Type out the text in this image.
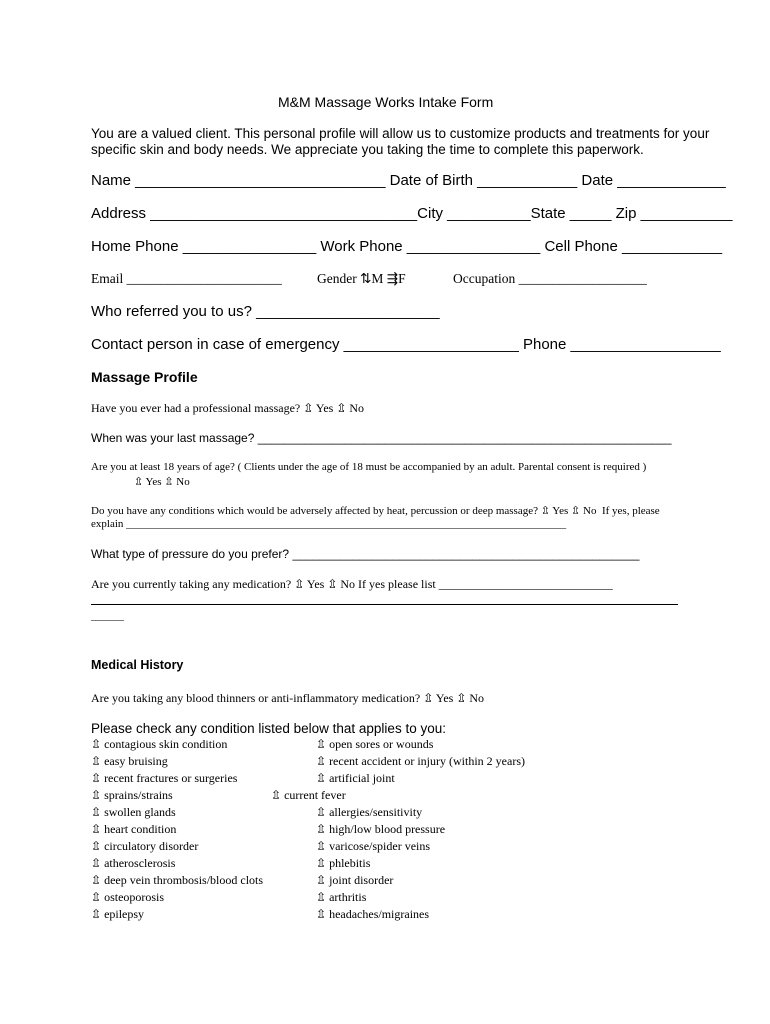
M&M Massage Works Intake Form
You are a valued client. This personal profile will allow us to customize products and treatments for your
specific skin and body needs. We appreciate you taking the time to complete this paperwork.
Name ______________________________ Date of Birth ____________ Date _____________
Address ________________________________City __________State _____ Zip ___________
Home Phone ________________ Work Phone ________________ Cell Phone ____________
Email _______________________	Gender ⇅M ⇶F	Occupation ___________________
Who referred you to us? ______________________
Contact person in case of emergency _____________________ Phone __________________
Massage Profile
Have you ever had a professional massage? ⇫ Yes ⇫ No
When was your last massage? ______________________________________________________________
Are you at least 18 years of age? ( Clients under the age of 18 must be accompanied by an adult. Parental consent is required )
⇫ Yes ⇫ No
Do you have any conditions which would be adversely affected by heat, percussion or deep massage? ⇫ Yes ⇫ No  If yes, please
explain ________________________________________________________________________________
What type of pressure do you prefer? ____________________________________________________
Are you currently taking any medication? ⇫ Yes ⇫ No If yes please list _____________________________
______
Medical History
Are you taking any blood thinners or anti-inflammatory medication? ⇫ Yes ⇫ No
Please check any condition listed below that applies to you:
⇫ contagious skin condition
⇫ easy bruising
⇫ recent fractures or surgeries
⇫ sprains/strains
⇫ swollen glands
⇫ heart condition
⇫ circulatory disorder
⇫ atherosclerosis
⇫ deep vein thrombosis/blood clots
⇫ osteoporosis
⇫ epilepsy
⇫ open sores or wounds
⇫ recent accident or injury (within 2 years)
⇫ artificial joint
⇫ current fever
⇫ allergies/sensitivity
⇫ high/low blood pressure
⇫ varicose/spider veins
⇫ phlebitis
⇫ joint disorder
⇫ arthritis
⇫ headaches/migraines
